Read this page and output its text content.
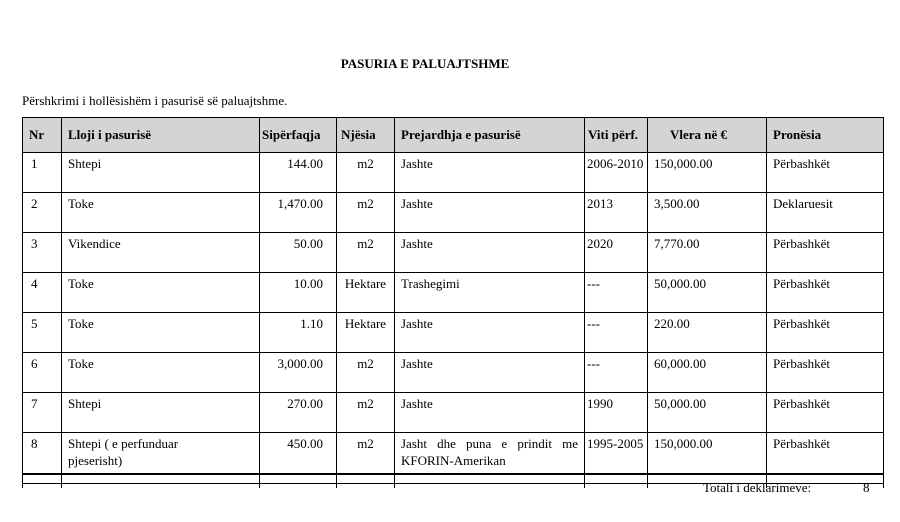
PASURIA E PALUAJTSHME
Përshkrimi i hollësishëm i pasurisë së paluajtshme.
Nr	Lloji i pasurisë	Sipërfaqja	Njësia	Prejardhja e pasurisë	Viti përf.	Vlera në €	Pronësia
1	Shtepi	144.00	m2	Jashte	2006-2010	150,000.00	Përbashkët
2	Toke	1,470.00	m2	Jashte	2013	3,500.00	Deklaruesit
3	Vikendice	50.00	m2	Jashte	2020	7,770.00	Përbashkët
4	Toke	10.00	Hektare	Trashegimi	---	50,000.00	Përbashkët
5	Toke	1.10	Hektare	Jashte	---	220.00	Përbashkët
6	Toke	3,000.00	m2	Jashte	---	60,000.00	Përbashkët
7	Shtepi	270.00	m2	Jashte	1990	50,000.00	Përbashkët
8	Shtepi ( e perfunduar pjeserisht)	450.00	m2	Jasht dhe puna e prindit me KFORIN-Amerikan	1995-2005	150,000.00	Përbashkët

Totali i deklarimeve:	8
